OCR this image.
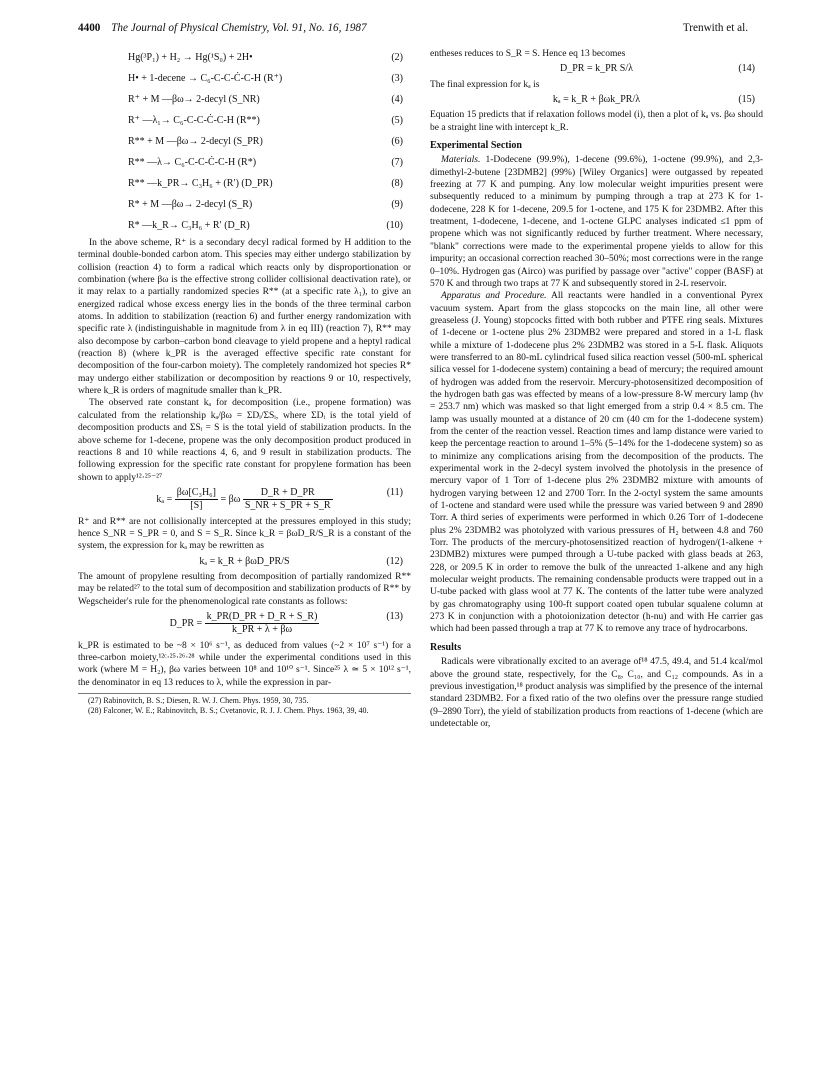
4400 The Journal of Physical Chemistry, Vol. 91, No. 16, 1987	Trenwith et al.
Hg(³P₁) + H₂ → Hg(¹S₀) + 2H•	(2)
H• + 1-decene → C₆-C-C-Ċ-C-H (R⁺)	(3)
R⁺ + M —βω→ 2-decyl (S_NR)	(4)
R⁺ —λ₁→ C₆-C-C-Ċ-C-H (R**)	(5)
R** + M —βω→ 2-decyl (S_PR)	(6)
R** —λ→ C₆-C-C-Ċ-C-H (R*)	(7)
R** —k_PR→ C₃H₆ + (R′) (D_PR)	(8)
R* + M —βω→ 2-decyl (S_R)	(9)
R* —k_R→ C₃H₆ + R′ (D_R)	(10)

In the above scheme, R⁺ is a secondary decyl radical formed by H addition to the terminal double-bonded carbon atom. This species may either undergo stabilization by collision (reaction 4) to form a radical which reacts only by disproportionation or combination (where βω is the effective strong collider collisional deactivation rate), or it may relax to a partially randomized species R** (at a specific rate λ₁), to give an energized radical whose excess energy lies in the bonds of the three terminal carbon atoms. In addition to stabilization (reaction 6) and further energy randomization with specific rate λ (indistinguishable in magnitude from λ in eq III) (reaction 7), R** may also decompose by carbon–carbon bond cleavage to yield propene and a heptyl radical (reaction 8) (where k_PR is the averaged effective specific rate constant for decomposition of the four-carbon moiety). The completely randomized hot species R* may undergo either stabilization or decomposition by reactions 9 or 10, respectively, where k_R is orders of magnitude smaller than k_PR.

The observed rate constant kₐ for decomposition (i.e., propene formation) was calculated from the relationship kₐ/βω = ΣDᵢ/ΣSᵢ, where ΣDᵢ is the total yield of decomposition products and ΣSᵢ = S is the total yield of stabilization products. In the above scheme for 1-decene, propene was the only decomposition product produced in reactions 8 and 10 while reactions 4, 6, and 9 result in stabilization products. The following expression for the specific rate constant for propylene formation has been shown to apply¹²·²⁵⁻²⁷

$k_a = \frac{\text{βω[C₃H₆]}}{[S]} = \beta\omega \frac{D\_R + D\_PR}{S\_NR + S\_PR + S\_R}$	(11)

R⁺ and R** are not collisionally intercepted at the pressures employed in this study; hence S_NR = S_PR = 0, and S = S_R. Since k_R = βωD_R/S_R is a constant of the system, the expression for kₐ may be rewritten as

kₐ = k_R + βωD_PR/S	(12)

The amount of propylene resulting from decomposition of partially randomized R** may be related²⁷ to the total sum of decomposition and stabilization products of R** by Wegscheider's rule for the phenomenological rate constants as follows:

D_PR = $\frac{k\_PR(D\_PR + D\_R + S\_R)}{k\_PR + \lambda + \beta\omega}$	(13)

k_PR is estimated to be ~8 × 10⁶ s⁻¹, as deduced from values (~2 × 10⁷ s⁻¹) for a three-carbon moiety,¹²ᶜ·²⁵·²⁶·²⁸ while under the experimental conditions used in this work (where M = H₂), βω varies between 10⁸ and 10¹⁰ s⁻¹. Since²⁵ λ ≃ 5 × 10¹² s⁻¹, the denominator in eq 13 reduces to λ, while the expression in par-

(27) Rabinovitch, B. S.; Diesen, R. W. J. Chem. Phys. 1959, 30, 735.
(28) Falconer, W. E.; Rabinovitch, B. S.; Cvetanovic, R. J. J. Chem. Phys. 1963, 39, 40.

entheses reduces to S_R = S. Hence eq 13 becomes

D_PR = k_PR S/λ	(14)

The final expression for kₐ is

kₐ = k_R + βωk_PR/λ	(15)

Equation 15 predicts that if relaxation follows model (i), then a plot of kₐ vs. βω should be a straight line with intercept k_R.

Experimental Section

Materials. 1-Dodecene (99.9%), 1-decene (99.6%), 1-octene (99.9%), and 2,3-dimethyl-2-butene [23DMB2] (99%) [Wiley Organics] were outgassed by repeated freezing at 77 K and pumping. Any low molecular weight impurities present were subsequently reduced to a minimum by pumping through a trap at 273 K for 1-dodecene, 228 K for 1-decene, 209.5 for 1-octene, and 175 K for 23DMB2. After this treatment, 1-dodecene, 1-decene, and 1-octene GLPC analyses indicated ≤1 ppm of propene which was not significantly reduced by further treatment. Where necessary, "blank" corrections were made to the experimental propene yields to allow for this impurity; an occasional correction reached 30–50%; most corrections were in the range 0–10%. Hydrogen gas (Airco) was purified by passage over "active" copper (BASF) at 570 K and through two traps at 77 K and subsequently stored in 2-L reservoir.

Apparatus and Procedure. All reactants were handled in a conventional Pyrex vacuum system. Apart from the glass stopcocks on the main line, all other were greaseless (J. Young) stopcocks fitted with both rubber and PTFE ring seals. Mixtures of 1-decene or 1-octene plus 2% 23DMB2 were prepared and stored in a 1-L flask while a mixture of 1-dodecene plus 2% 23DMB2 was stored in a 5-L flask. Aliquots were transferred to an 80-mL cylindrical fused silica reaction vessel (500-mL spherical silica vessel for 1-dodecene system) containing a bead of mercury; the required amount of hydrogen was added from the reservoir. Mercury-photosensitized decomposition of the hydrogen bath gas was effected by means of a low-pressure 8-W mercury lamp (hν = 253.7 nm) which was masked so that light emerged from a strip 0.4 × 8.5 cm. The lamp was usually mounted at a distance of 20 cm (40 cm for the 1-dodecene system) from the center of the reaction vessel. Reaction times and lamp distance were varied to keep the percentage reaction to around 1–5% (5–14% for the 1-dodecene system) so as to minimize any complications arising from the decomposition of the products. The experimental work in the 2-decyl system involved the photolysis in the presence of mercury vapor of 1 Torr of 1-decene plus 2% 23DMB2 mixture with amounts of hydrogen varying between 12 and 2700 Torr. In the 2-octyl system the same amounts of 1-octene and standard were used while the pressure was varied between 9 and 2890 Torr. A third series of experiments were performed in which 0.26 Torr of 1-dodecene plus 2% 23DMB2 was photolyzed with various pressures of H₂ between 4.8 and 760 Torr. The products of the mercury-photosensitized reaction of hydrogen/(1-alkene + 23DMB2) mixtures were pumped through a U-tube packed with glass beads at 263, 228, or 209.5 K in order to remove the bulk of the unreacted 1-alkene and any high molecular weight products. The remaining condensable products were trapped out in a U-tube packed with glass wool at 77 K. The contents of the latter tube were analyzed by gas chromatography using 100-ft support coated open tubular squalene column at 273 K in conjunction with a photoionization detector (h-nu) and with He carrier gas which had been passed through a trap at 77 K to remove any trace of hydrocarbons.

Results

Radicals were vibrationally excited to an average of¹⁸ 47.5, 49.4, and 51.4 kcal/mol above the ground state, respectively, for the C₈, C₁₀, and C₁₂ compounds. As in a previous investigation,¹⁸ product analysis was simplified by the presence of the internal standard 23DMB2. For a fixed ratio of the two olefins over the pressure range studied (9–2890 Torr), the yield of stabilization products from reactions of 1-decene (which are undetectable or,
